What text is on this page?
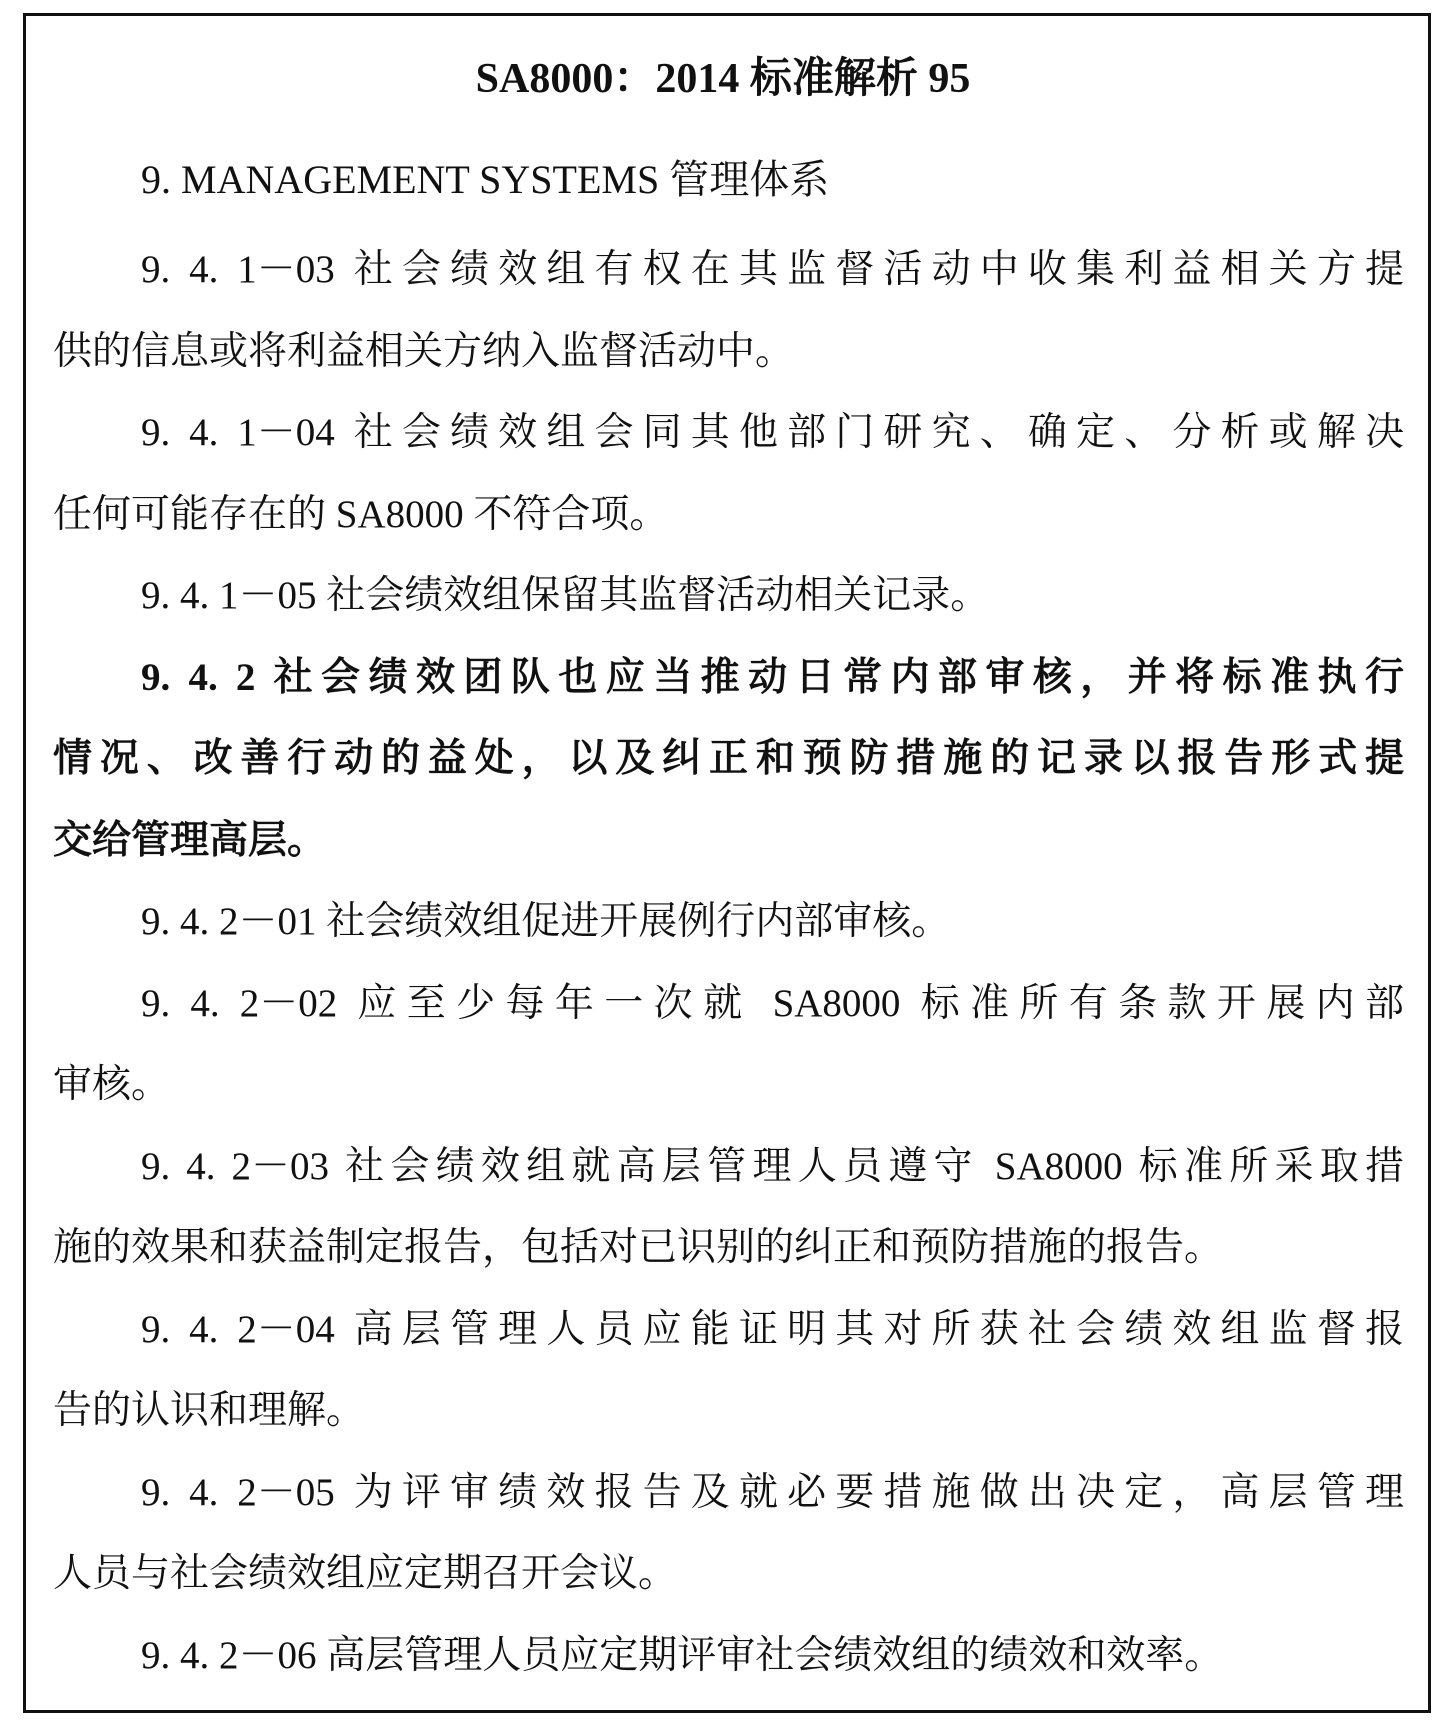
SA8000：2014 标准解析 95
9. MANAGEMENT SYSTEMS 管理体系
9. 4. 1－03 社会绩效组有权在其监督活动中收集利益相关方提
供的信息或将利益相关方纳入监督活动中。
9. 4. 1－04 社会绩效组会同其他部门研究、确定、分析或解决
任何可能存在的 SA8000 不符合项。
9. 4. 1－05 社会绩效组保留其监督活动相关记录。
9. 4. 2 社会绩效团队也应当推动日常内部审核，并将标准执行
情况、改善行动的益处，以及纠正和预防措施的记录以报告形式提
交给管理高层。
9. 4. 2－01 社会绩效组促进开展例行内部审核。
9. 4. 2－02 应至少每年一次就 SA8000 标准所有条款开展内部
审核。
9. 4. 2－03 社会绩效组就高层管理人员遵守 SA8000 标准所采取措
施的效果和获益制定报告，包括对已识别的纠正和预防措施的报告。
9. 4. 2－04 高层管理人员应能证明其对所获社会绩效组监督报
告的认识和理解。
9. 4. 2－05 为评审绩效报告及就必要措施做出决定，高层管理
人员与社会绩效组应定期召开会议。
9. 4. 2－06 高层管理人员应定期评审社会绩效组的绩效和效率。
